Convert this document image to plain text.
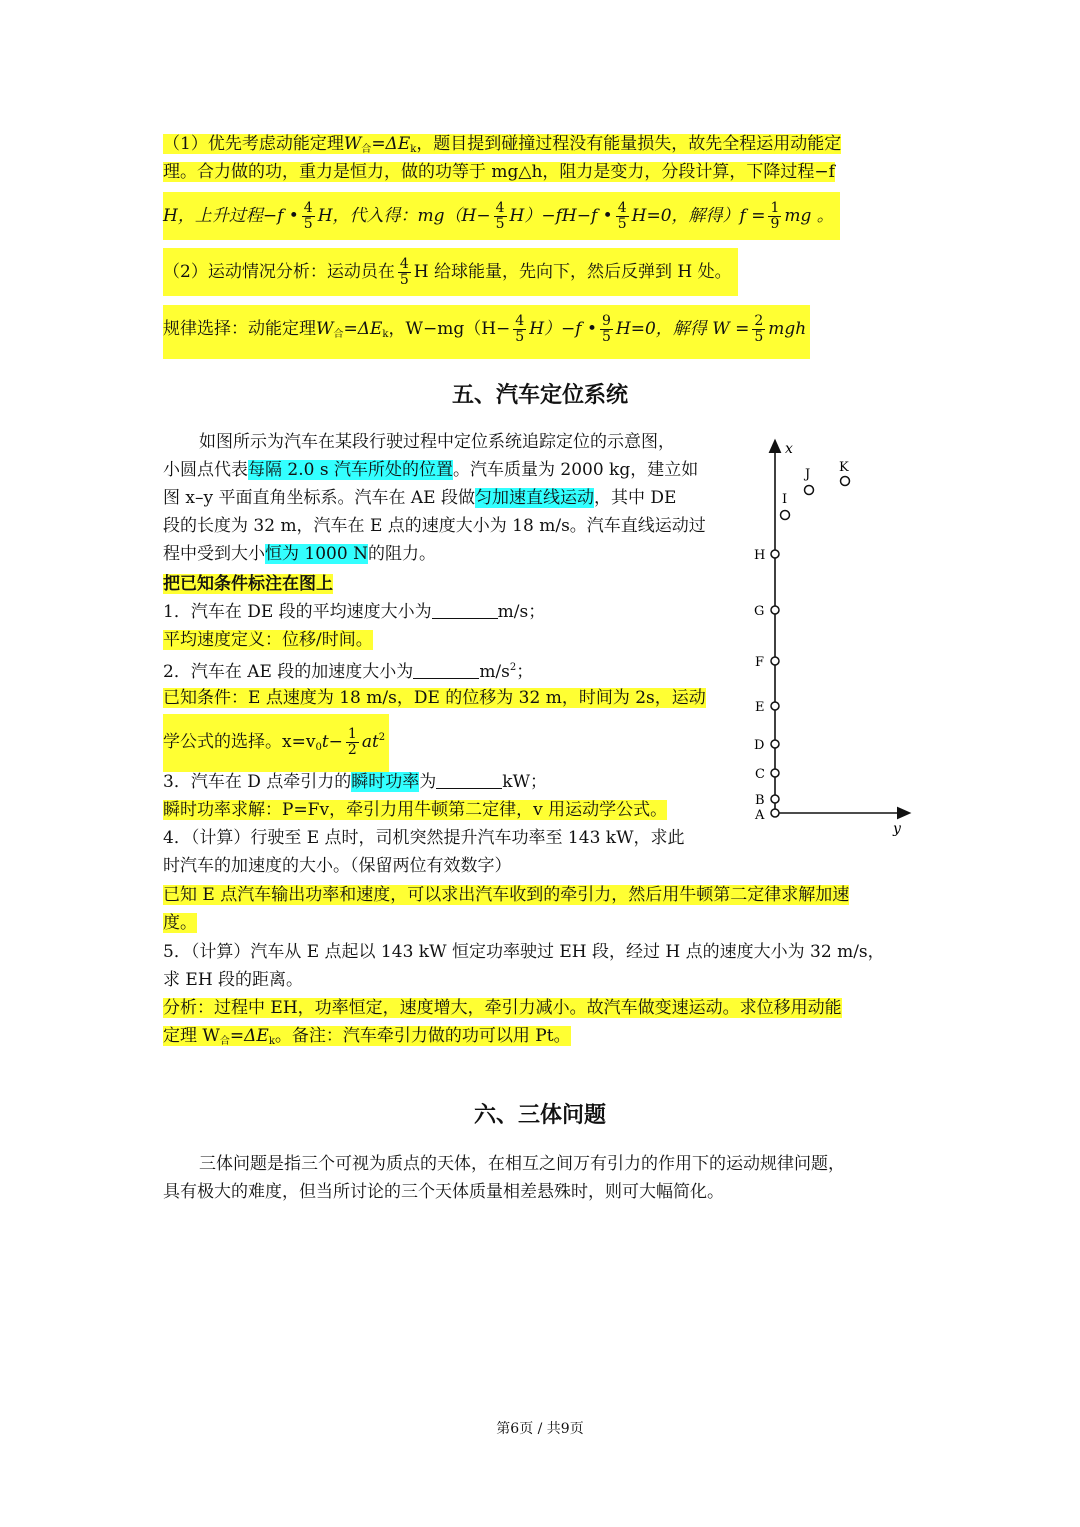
（1）优先考虑动能定理$W_合=\Delta E_k$，题目提到碰撞过程没有能量损失，故先全程运用动能定
理。合力做的功，重力是恒力，做的功等于 mg△h，阻力是变力，分段计算，下降过程−f
H，上升过程−f • $\frac{4}{5}$ H，代入得：$mg(H- \frac{4}{5} H)-fH-f$ • $\frac{4}{5} H=0$，解得）$f = \frac{1}{9}$ mg 。
（2）运动情况分析：运动员在 $\frac{4}{5}$ H 给球能量，先向下，然后反弹到 H 处。
规律选择：动能定理$W_合=\Delta E_k$，$W-mg(H- \frac{4}{5} H)-f$ • $\frac{9}{5} H=0$，解得 $W = \frac{2}{5}$ mgh
五、汽车定位系统
如图所示为汽车在某段行驶过程中定位系统追踪定位的示意图，
小圆点代表每隔 2.0 s 汽车所处的位置。汽车质量为 2000 kg，建立如
图 x–y 平面直角坐标系。汽车在 AE 段做匀加速直线运动，其中 DE
段的长度为 32 m，汽车在 E 点的速度大小为 18 m/s。汽车直线运动过
程中受到大小恒为 1000 N的阻力。
把已知条件标注在图上
1．汽车在 DE 段的平均速度大小为	m/s；
平均速度定义：位移/时间。
2．汽车在 AE 段的加速度大小为	$m/s^2$；
已知条件：E 点速度为 18 m/s，DE 的位移为 32 m，时间为 2s，运动
学公式的选择。$x=v_0t- \frac{1}{2} at^2$
3．汽车在 D 点牵引力的瞬时功率为	kW；
瞬时功率求解：P=Fv，牵引力用牛顿第二定律，v 用运动学公式。
4．（计算）行驶至 E 点时，司机突然提升汽车功率至 143 kW，求此
时汽车的加速度的大小。（保留两位有效数字）
已知 E 点汽车输出功率和速度，可以求出汽车收到的牵引力，然后用牛顿第二定律求解加速
度。
5．（计算）汽车从 E 点起以 143 kW 恒定功率驶过 EH 段，经过 H 点的速度大小为 32 m/s，
求 EH 段的距离。
分析：过程中 EH，功率恒定，速度增大，牵引力减小。故汽车做变速运动。求位移用动能
定理 $W_合=\Delta E_k$。备注：汽车牵引力做的功可以用 Pt。
x
y
A
B
C
D
E
F
G
H
I
J K
六、三体问题
三体问题是指三个可视为质点的天体，在相互之间万有引力的作用下的运动规律问题，
具有极大的难度，但当所讨论的三个天体质量相差悬殊时，则可大幅简化。
第6页 / 共9页
